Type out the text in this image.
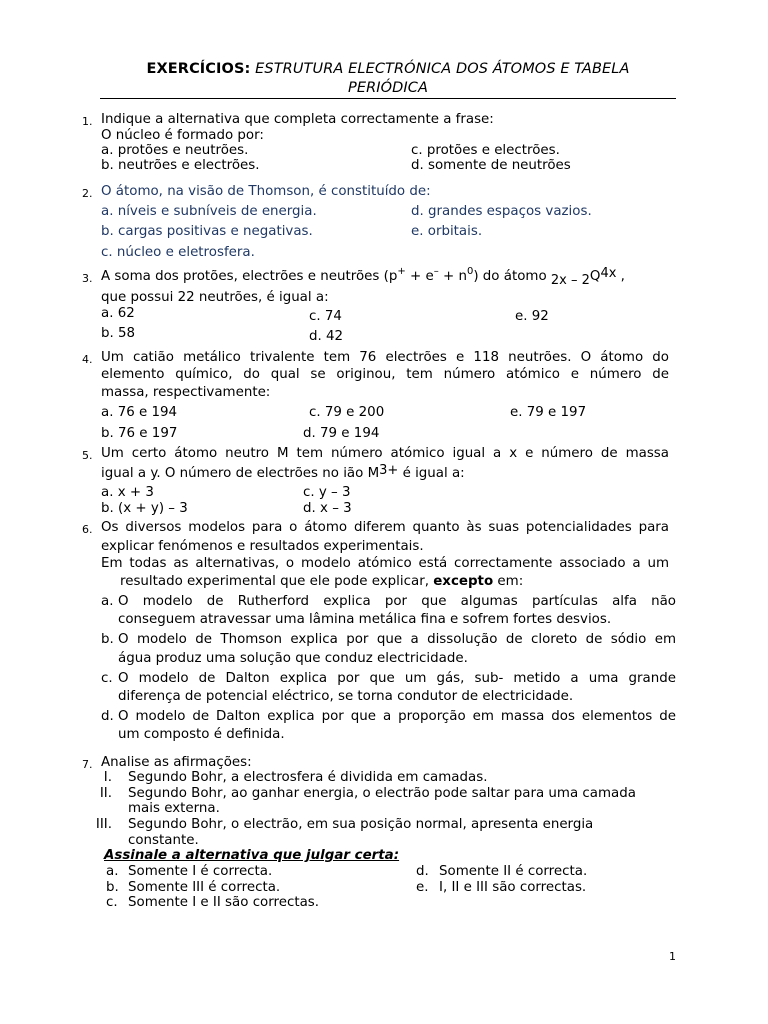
EXERCÍCIOS: ESTRUTURA ELECTRÓNICA DOS ÁTOMOS E TABELA
PERIÓDICA
1. Indique a alternativa que completa correctamente a frase:
O núcleo é formado por:
a. protões e neutrões.
b. neutrões e electrões.
c. protões e electrões.
d. somente de neutrões
2. O átomo, na visão de Thomson, é constituído de:
a. níveis e subníveis de energia.
b. cargas positivas e negativas.
c. núcleo e eletrosfera.
d. grandes espaços vazios.
e. orbitais.
3. A soma dos protões, electrões e neutrões $(p^+ + e^- + n^0)$ do átomo 2x – 2Q4x ,
que possui 22 neutrões, é igual a:
a. 62
b. 58
c. 74
d. 42
e. 92
4. Um catião metálico trivalente tem 76 electrões e 118 neutrões. O átomo do
elemento químico, do qual se originou, tem número atómico e número de
massa, respectivamente:
a. 76 e 194
b. 76 e 197
c. 79 e 200
d. 79 e 194
e. 79 e 197
5. Um certo átomo neutro M tem número atómico igual a x e número de massa
igual a y. O número de electrões no ião M3+ é igual a:
a. x + 3
b. (x + y) – 3
c. y – 3
d. x – 3
6. Os diversos modelos para o átomo diferem quanto às suas potencialidades para
explicar fenómenos e resultados experimentais.
Em todas as alternativas, o modelo atómico está correctamente associado a um
resultado experimental que ele pode explicar, excepto em:
a. O modelo de Rutherford explica por que algumas partículas alfa não
conseguem atravessar uma lâmina metálica fina e sofrem fortes desvios.
b. O modelo de Thomson explica por que a dissolução de cloreto de sódio em
água produz uma solução que conduz electricidade.
c. O modelo de Dalton explica por que um gás, sub- metido a uma grande
diferença de potencial eléctrico, se torna condutor de electricidade.
d. O modelo de Dalton explica por que a proporção em massa dos elementos de
um composto é definida.
7. Analise as afirmações:
I. Segundo Bohr, a electrosfera é dividida em camadas.
II. Segundo Bohr, ao ganhar energia, o electrão pode saltar para uma camada
mais externa.
III. Segundo Bohr, o electrão, em sua posição normal, apresenta energia
constante.
Assinale a alternativa que julgar certa:
a. Somente I é correcta.
b. Somente III é correcta.
c. Somente I e II são correctas.
d. Somente II é correcta.
e. I, II e III são correctas.
1
